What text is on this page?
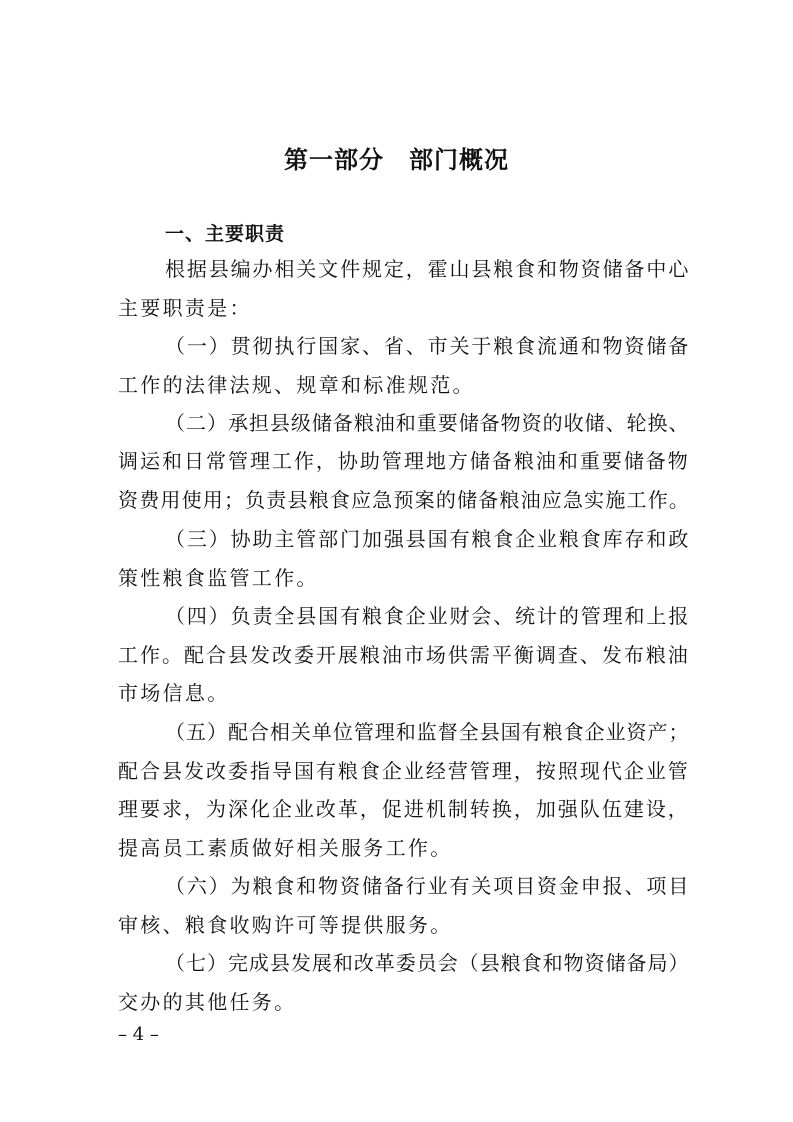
第一部分　部门概况
一、主要职责
根据县编办相关文件规定，霍山县粮食和物资储备中心
主要职责是：
（一）贯彻执行国家、省、市关于粮食流通和物资储备
工作的法律法规、规章和标准规范。
（二）承担县级储备粮油和重要储备物资的收储、轮换、
调运和日常管理工作，协助管理地方储备粮油和重要储备物
资费用使用；负责县粮食应急预案的储备粮油应急实施工作。
（三）协助主管部门加强县国有粮食企业粮食库存和政
策性粮食监管工作。
（四）负责全县国有粮食企业财会、统计的管理和上报
工作。配合县发改委开展粮油市场供需平衡调查、发布粮油
市场信息。
（五）配合相关单位管理和监督全县国有粮食企业资产；
配合县发改委指导国有粮食企业经营管理，按照现代企业管
理要求，为深化企业改革，促进机制转换，加强队伍建设，
提高员工素质做好相关服务工作。
（六）为粮食和物资储备行业有关项目资金申报、项目
审核、粮食收购许可等提供服务。
（七）完成县发展和改革委员会（县粮食和物资储备局）
交办的其他任务。
– 4 –
